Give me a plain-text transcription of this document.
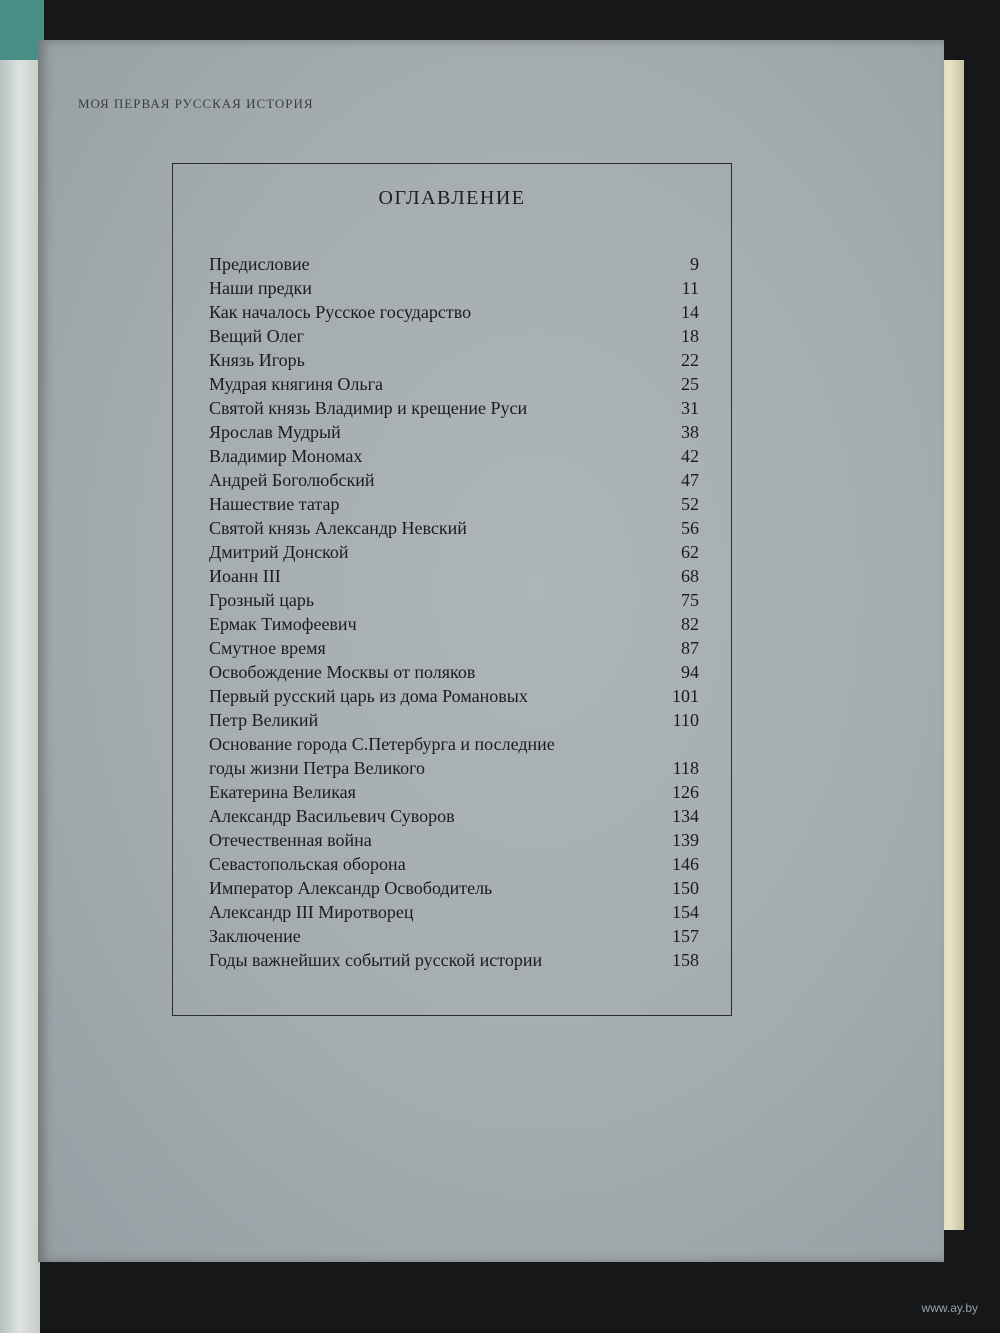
МОЯ ПЕРВАЯ РУССКАЯ ИСТОРИЯ
ОГЛАВЛЕНИЕ
Предисловие	9
Наши предки	11
Как началось Русское государство	14
Вещий Олег	18
Князь Игорь	22
Мудрая княгиня Ольга	25
Святой князь Владимир и крещение Руси	31
Ярослав Мудрый	38
Владимир Мономах	42
Андрей Боголюбский	47
Нашествие татар	52
Святой князь Александр Невский	56
Дмитрий Донской	62
Иоанн III	68
Грозный царь	75
Ермак Тимофеевич	82
Смутное время	87
Освобождение Москвы от поляков	94
Первый русский царь из дома Романовых	101
Петр Великий	110
Основание города С.Петербурга и последние
годы жизни Петра Великого	118
Екатерина Великая	126
Александр Васильевич Суворов	134
Отечественная война	139
Севастопольская оборона	146
Император Александр Освободитель	150
Александр III Миротворец	154
Заключение	157
Годы важнейших событий русской истории	158
www.ay.by
